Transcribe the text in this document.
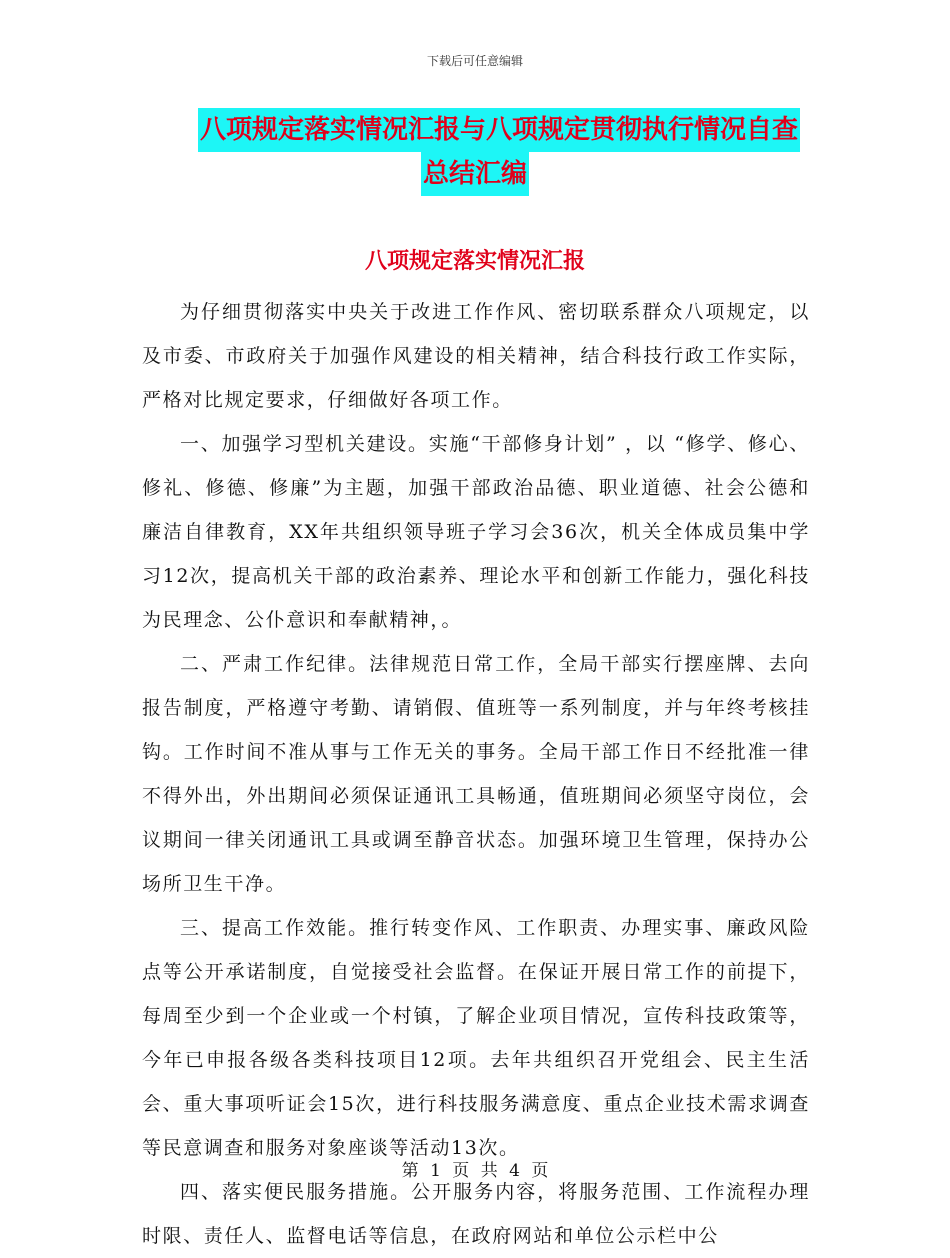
下载后可任意编辑
八项规定落实情况汇报与八项规定贯彻执行情况自查
总结汇编
八项规定落实情况汇报

为仔细贯彻落实中央关于改进工作作风、密切联系群众八项规定，以及市委、市政府关于加强作风建设的相关精神，结合科技行政工作实际，严格对比规定要求，仔细做好各项工作。

一、加强学习型机关建设。实施“干部修身计划” ，以 “修学、修心、修礼、修德、修廉”为主题，加强干部政治品德、职业道德、社会公德和廉洁自律教育，XX年共组织领导班子学习会36次，机关全体成员集中学习12次，提高机关干部的政治素养、理论水平和创新工作能力，强化科技为民理念、公仆意识和奉献精神，。

二、严肃工作纪律。法律规范日常工作，全局干部实行摆座牌、去向报告制度，严格遵守考勤、请销假、值班等一系列制度，并与年终考核挂钩。工作时间不准从事与工作无关的事务。全局干部工作日不经批准一律不得外出，外出期间必须保证通讯工具畅通，值班期间必须坚守岗位，会议期间一律关闭通讯工具或调至静音状态。加强环境卫生管理，保持办公场所卫生干净。

三、提高工作效能。推行转变作风、工作职责、办理实事、廉政风险点等公开承诺制度，自觉接受社会监督。在保证开展日常工作的前提下，每周至少到一个企业或一个村镇，了解企业项目情况，宣传科技政策等，今年已申报各级各类科技项目12项。去年共组织召开党组会、民主生活会、重大事项听证会15次，进行科技服务满意度、重点企业技术需求调查等民意调查和服务对象座谈等活动13次。

四、落实便民服务措施。公开服务内容，将服务范围、工作流程办理时限、责任人、监督电话等信息，在政府网站和单位公示栏中公

第 1 页 共 4 页
